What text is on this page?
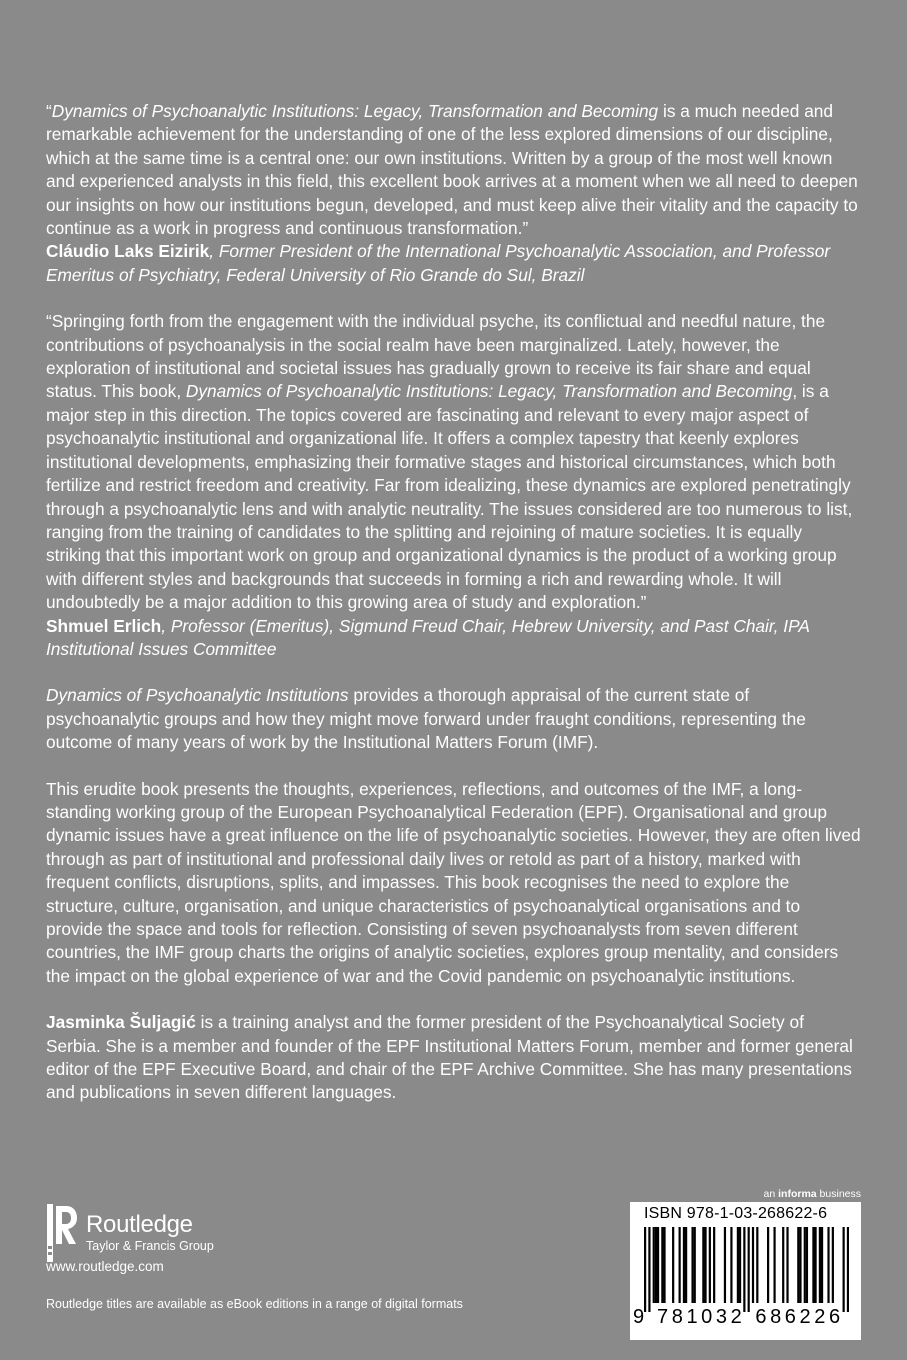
“Dynamics of Psychoanalytic Institutions: Legacy, Transformation and Becoming is a much needed and remarkable achievement for the understanding of one of the less explored dimensions of our discipline, which at the same time is a central one: our own institutions. Written by a group of the most well known and experienced analysts in this field, this excellent book arrives at a moment when we all need to deepen our insights on how our institutions begun, developed, and must keep alive their vitality and the capacity to continue as a work in progress and continuous transformation.”

Cláudio Laks Eizirik, Former President of the International Psychoanalytic Association, and Professor Emeritus of Psychiatry, Federal University of Rio Grande do Sul, Brazil

“Springing forth from the engagement with the individual psyche, its conflictual and needful nature, the contributions of psychoanalysis in the social realm have been marginalized. Lately, however, the exploration of institutional and societal issues has gradually grown to receive its fair share and equal status. This book, Dynamics of Psychoanalytic Institutions: Legacy, Transformation and Becoming, is a major step in this direction. The topics covered are fascinating and relevant to every major aspect of psychoanalytic institutional and organizational life. It offers a complex tapestry that keenly explores institutional developments, emphasizing their formative stages and historical circumstances, which both fertilize and restrict freedom and creativity. Far from idealizing, these dynamics are explored penetratingly through a psychoanalytic lens and with analytic neutrality. The issues considered are too numerous to list, ranging from the training of candidates to the splitting and rejoining of mature societies. It is equally striking that this important work on group and organizational dynamics is the product of a working group with different styles and backgrounds that succeeds in forming a rich and rewarding whole. It will undoubtedly be a major addition to this growing area of study and exploration.”

Shmuel Erlich, Professor (Emeritus), Sigmund Freud Chair, Hebrew University, and Past Chair, IPA Institutional Issues Committee

Dynamics of Psychoanalytic Institutions provides a thorough appraisal of the current state of psychoanalytic groups and how they might move forward under fraught conditions, representing the outcome of many years of work by the Institutional Matters Forum (IMF).

This erudite book presents the thoughts, experiences, reflections, and outcomes of the IMF, a long-standing working group of the European Psychoanalytical Federation (EPF). Organisational and group dynamic issues have a great influence on the life of psychoanalytic societies. However, they are often lived through as part of institutional and professional daily lives or retold as part of a history, marked with frequent conflicts, disruptions, splits, and impasses. This book recognises the need to explore the structure, culture, organisation, and unique characteristics of psychoanalytical organisations and to provide the space and tools for reflection. Consisting of seven psychoanalysts from seven different countries, the IMF group charts the origins of analytic societies, explores group mentality, and considers the impact on the global experience of war and the Covid pandemic on psychoanalytic institutions.

Jasminka Šuljagić is a training analyst and the former president of the Psychoanalytical Society of Serbia. She is a member and founder of the EPF Institutional Matters Forum, member and former general editor of the EPF Executive Board, and chair of the EPF Archive Committee. She has many presentations and publications in seven different languages.

an informa business
Routledge
Taylor & Francis Group
www.routledge.com
Routledge titles are available as eBook editions in a range of digital formats
ISBN 978-1-03-268622-6
9 781032 686226
